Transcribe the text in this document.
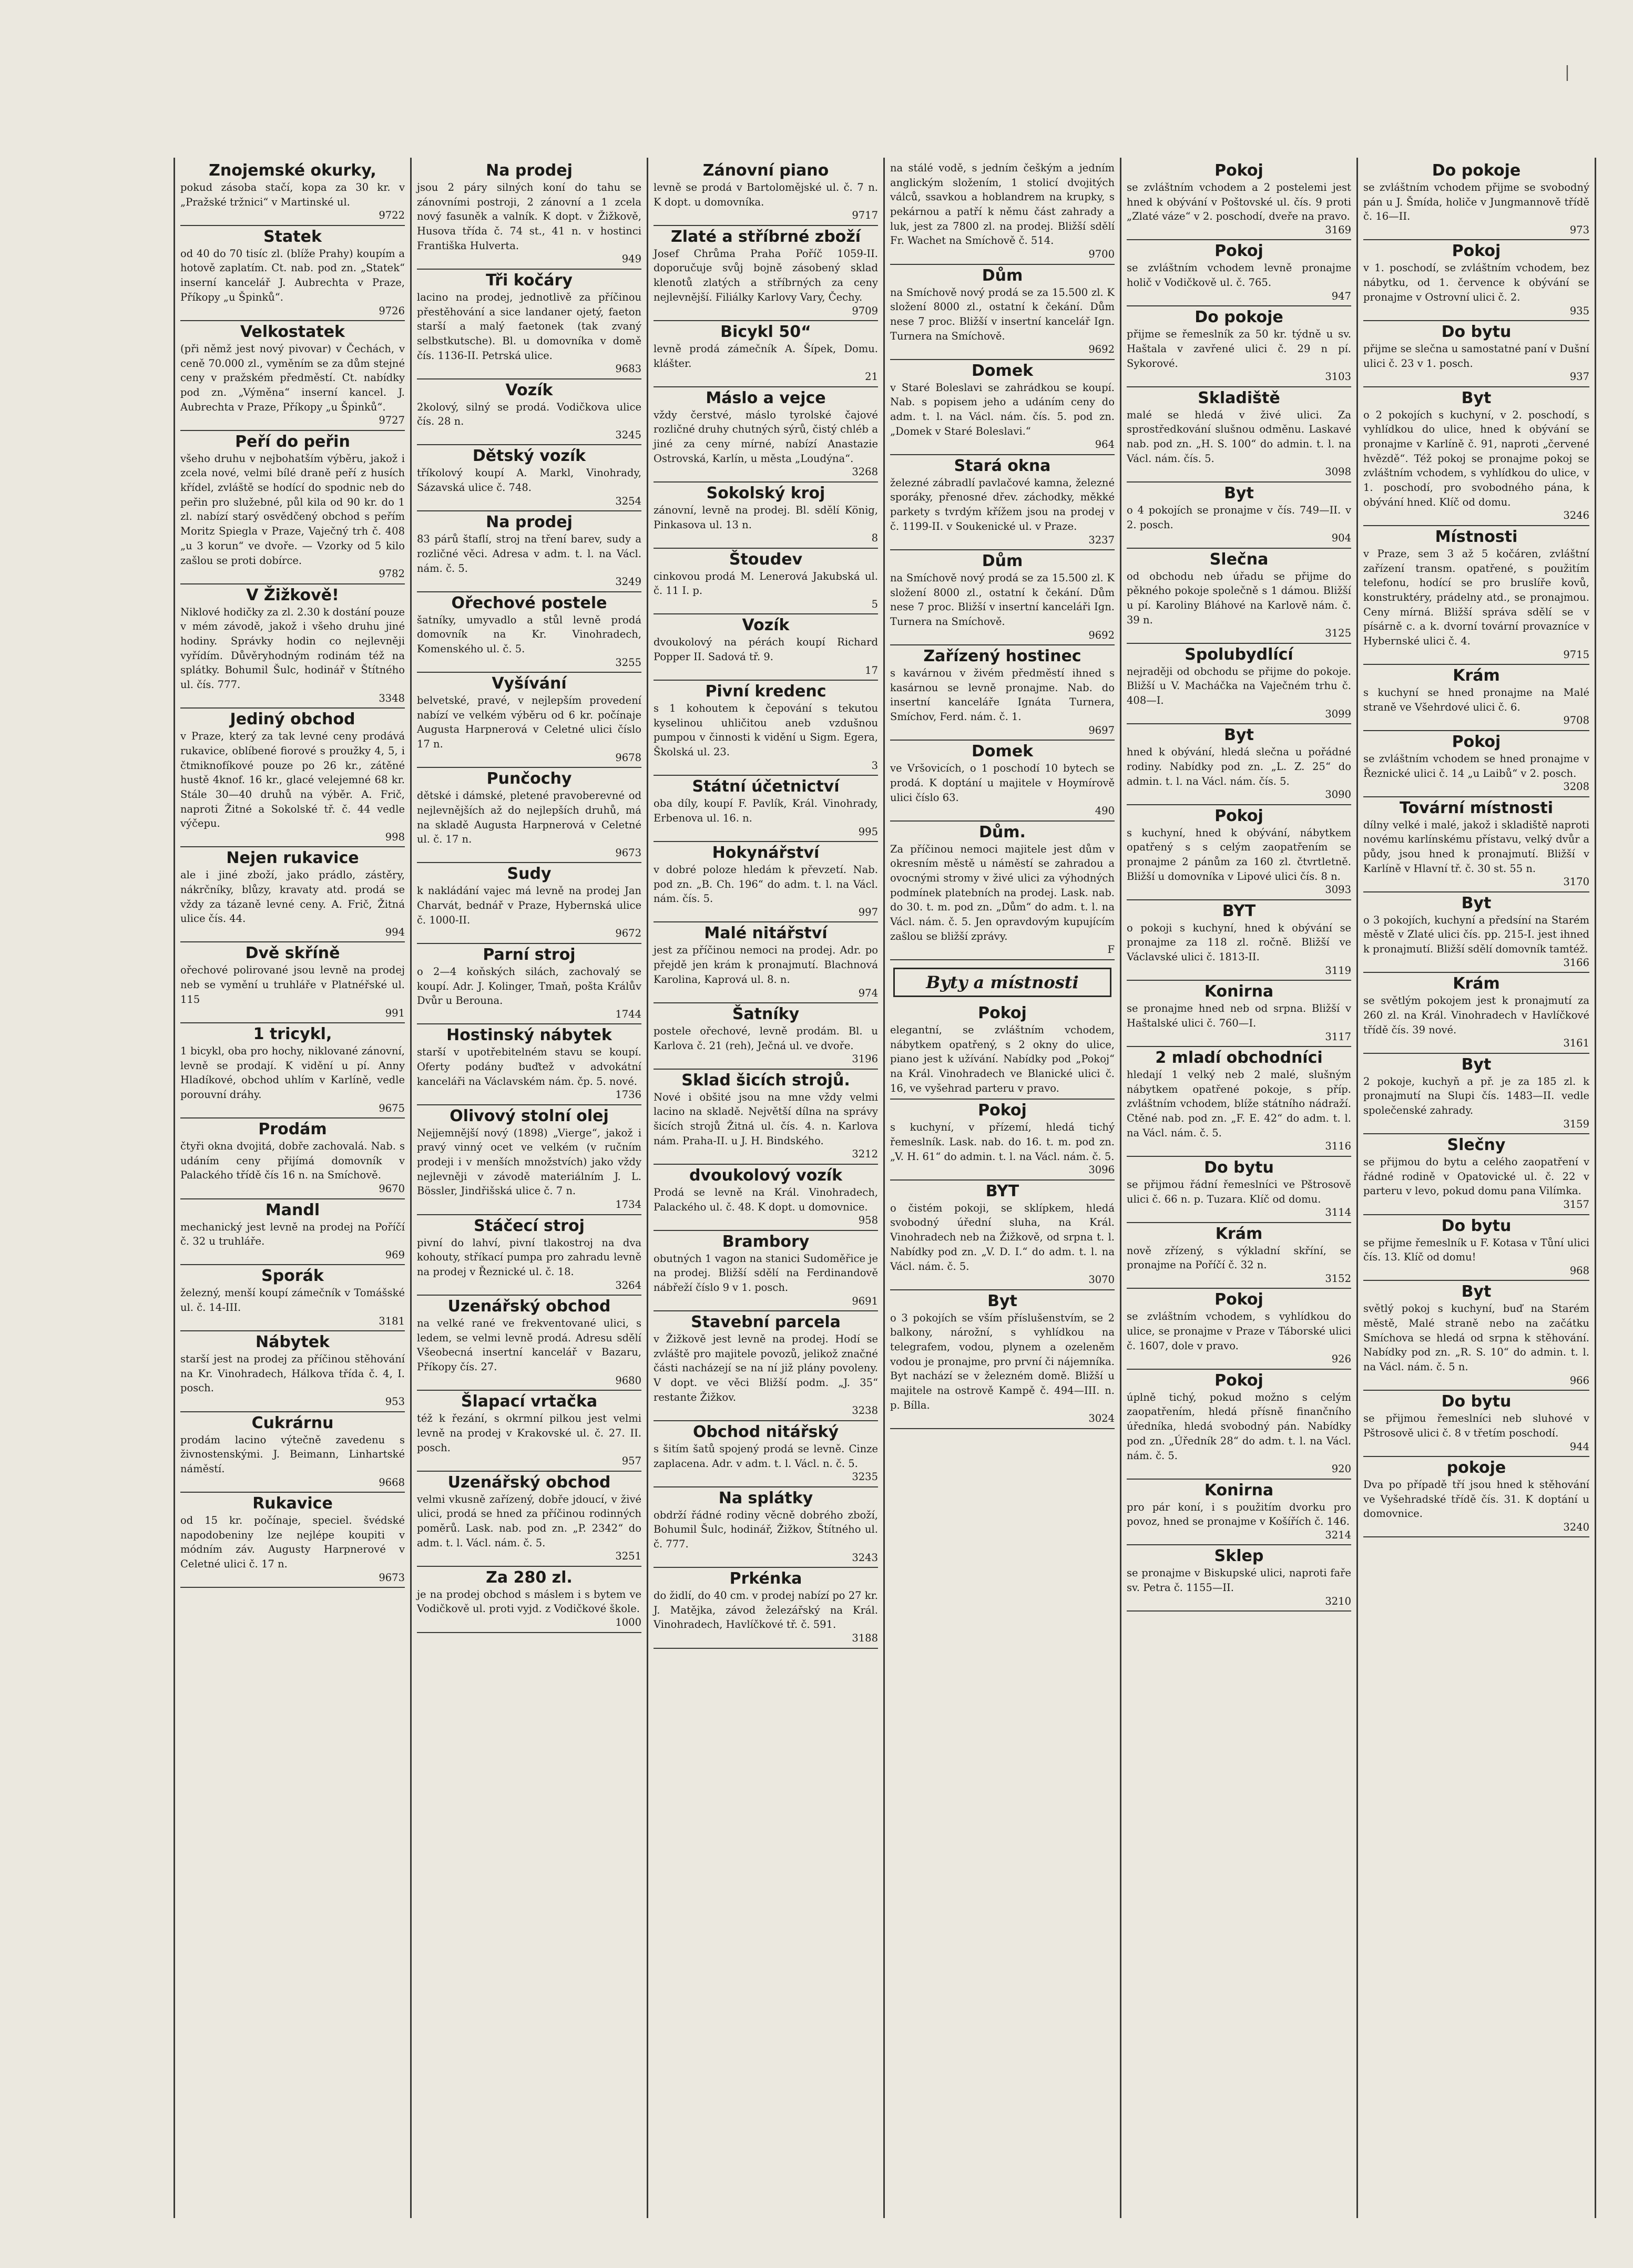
|
Znojemské okurky,
pokud zásoba stačí, kopa za 30 kr. v „Pražské tržnici“ v Martinské ul.
9722
Statek
od 40 do 70 tisíc zl. (blíže Prahy) koupím a hotově zaplatím. Ct. nab. pod zn. „Statek“ inserní kancelář J. Aubrechta v Praze, Příkopy „u Špinků“.
9726
Velkostatek
(při němž jest nový pivovar) v Čechách, v ceně 70.000 zl., vyměním se za dům stejné ceny v pražském předměstí. Ct. nabídky pod zn. „Výměna“ inserní kancel. J. Aubrechta v Praze, Příkopy „u Špinků“.
9727
Peří do peřin
všeho druhu v nejbohatším výběru, jakož i zcela nové, velmi bílé draně peří z husích křídel, zvláště se hodící do spodnic neb do peřin pro služebné, půl kila od 90 kr. do 1 zl. nabízí starý osvědčený obchod s peřím Moritz Spiegla v Praze, Vaječný trh č. 408 „u 3 korun“ ve dvoře. — Vzorky od 5 kilo zašlou se proti dobírce.
9782
V Žižkově!
Niklové hodičky za zl. 2.30 k dostání pouze v mém závodě, jakož i všeho druhu jiné hodiny. Správky hodin co nejlevněji vyřídím. Důvěryhodným rodinám též na splátky. Bohumil Šulc, hodinář v Štítného ul. čís. 777.
3348
Jediný obchod
v Praze, který za tak levné ceny prodává rukavice, oblíbené fiorové s proužky 4, 5, i čtmiknofíkové pouze po 26 kr., zátěné hustě 4knof. 16 kr., glacé velejemné 68 kr. Stále 30—40 druhů na výběr. A. Frič, naproti Žitné a Sokolské tř. č. 44 vedle výčepu.
998
Nejen rukavice
ale i jiné zboží, jako prádlo, zástěry, nákrčníky, blůzy, kravaty atd. prodá se vždy za tázaně levné ceny. A. Frič, Žitná ulice čís. 44.
994
Dvě skříně
ořechové polirované jsou levně na prodej neb se vymění u truhláře v Platnéřské ul. 115
991
1 tricykl,
1 bicykl, oba pro hochy, niklované zánovní, levně se prodají. K vidění u pí. Anny Hladíkové, obchod uhlím v Karlíně, vedle porouvní dráhy.
9675
Prodám
čtyři okna dvojitá, dobře zachovalá. Nab. s udáním ceny přijímá domovník v Palackého třídě čís 16 n. na Smíchově.
9670
Mandl
mechanický jest levně na prodej na Poříčí č. 32 u truhláře.
969
Sporák
železný, menší koupí zámečník v Tomášské ul. č. 14-III.
3181
Nábytek
starší jest na prodej za příčinou stěhování na Kr. Vinohradech, Hálkova třída č. 4, I. posch.
953
Cukrárnu
prodám lacino výtečně zavedenu s živnostenskými. J. Beimann, Linhartské náměstí.
9668
Rukavice
od 15 kr. počínaje, speciel. švédské napodobeniny lze nejlépe koupiti v módním záv. Augusty Harpnerové v Celetné ulici č. 17 n.
9673
Na prodej
jsou 2 páry silných koní do tahu se zánovními postroji, 2 zánovní a 1 zcela nový fasuněk a valník. K dopt. v Žižkově, Husova třída č. 74 st., 41 n. v hostinci Františka Hulverta.
949
Tři kočáry
lacino na prodej, jednotlivě za příčinou přestěhování a sice landaner ojetý, faeton starší a malý faetonek (tak zvaný selbstkutsche). Bl. u domovníka v domě čís. 1136-II. Petrská ulice.
9683
Vozík
2kolový, silný se prodá. Vodičkova ulice čís. 28 n.
3245
Dětský vozík
tříkolový koupí A. Markl, Vinohrady, Sázavská ulice č. 748.
3254
Na prodej
83 párů štaflí, stroj na tření barev, sudy a rozličné věci. Adresa v adm. t. l. na Václ. nám. č. 5.
3249
Ořechové postele
šatníky, umyvadlo a stůl levně prodá domovník na Kr. Vinohradech, Komenského ul. č. 5.
3255
Vyšívání
belvetské, pravé, v nejlepším provedení nabízí ve velkém výběru od 6 kr. počínaje Augusta Harpnerová v Celetné ulici číslo 17 n.
9678
Punčochy
dětské i dámské, pletené pravoberevné od nejlevnějších až do nejlepších druhů, má na skladě Augusta Harpnerová v Celetné ul. č. 17 n.
9673
Sudy
k nakládání vajec má levně na prodej Jan Charvát, bednář v Praze, Hybernská ulice č. 1000-II.
9672
Parní stroj
o 2—4 koňských silách, zachovalý se koupí. Adr. J. Kolinger, Tmaň, pošta Králův Dvůr u Berouna.
1744
Hostinský nábytek
starší v upotřebitelném stavu se koupí. Oferty podány buďtež v advokátní kanceláři na Václavském nám. čp. 5. nové.
1736
Olivový stolní olej
Nejjemnější nový (1898) „Vierge“, jakož i pravý vinný ocet ve velkém (v ručním prodeji i v menších množstvích) jako vždy nejlevněji v závodě materiálním J. L. Bössler, Jindřišská ulice č. 7 n.
1734
Stáčecí stroj
pivní do lahví, pivní tlakostroj na dva kohouty, stříkací pumpa pro zahradu levně na prodej v Řeznické ul. č. 18.
3264
Uzenářský obchod
na velké rané ve frekventované ulici, s ledem, se velmi levně prodá. Adresu sdělí Všeobecná insertní kancelář v Bazaru, Příkopy čís. 27.
9680
Šlapací vrtačka
též k řezání, s okrmní pilkou jest velmi levně na prodej v Krakovské ul. č. 27. II. posch.
957
Uzenářský obchod
velmi vkusně zařízený, dobře jdoucí, v živé ulici, prodá se hned za příčinou rodinných poměrů. Lask. nab. pod zn. „P. 2342“ do adm. t. l. Václ. nám. č. 5.
3251
Za 280 zl.
je na prodej obchod s máslem i s bytem ve Vodičkově ul. proti vyjd. z Vodičkové škole.
1000
Zánovní piano
levně se prodá v Bartolomějské ul. č. 7 n. K dopt. u domovníka.
9717
Zlaté a stříbrné zboží
Josef Chrůma Praha Poříč 1059-II. doporučuje svůj bojně zásobený sklad klenotů zlatých a stříbrných za ceny nejlevnější. Filiálky Karlovy Vary, Čechy.
9709
Bicykl 50“
levně prodá zámečník A. Šípek, Domu. klášter.
21
Máslo a vejce
vždy čerstvé, máslo tyrolské čajové rozličné druhy chutných sýrů, čistý chléb a jiné za ceny mírné, nabízí Anastazie Ostrovská, Karlín, u města „Loudýna“.
3268
Sokolský kroj
zánovní, levně na prodej. Bl. sdělí König, Pinkasova ul. 13 n.
8
Štoudev
cinkovou prodá M. Lenerová Jakubská ul. č. 11 I. p.
5
Vozík
dvoukolový na pérách koupí Richard Popper II. Sadová tř. 9.
17
Pivní kredenc
s 1 kohoutem k čepování s tekutou kyselinou uhličitou aneb vzdušnou pumpou v činnosti k vidění u Sigm. Egera, Školská ul. 23.
3
Státní účetnictví
oba díly, koupí F. Pavlík, Král. Vinohrady, Erbenova ul. 16. n.
995
Hokynářství
v dobré poloze hledám k převzetí. Nab. pod zn. „B. Ch. 196“ do adm. t. l. na Václ. nám. čís. 5.
997
Malé nitářství
jest za příčinou nemoci na prodej. Adr. po přejdě jen krám k pronajmutí. Blachnová Karolina, Kaprová ul. 8. n.
974
Šatníky
postele ořechové, levně prodám. Bl. u Karlova č. 21 (reh), Ječná ul. ve dvoře.
3196
Sklad šicích strojů.
Nové i obšité jsou na mne vždy velmi lacino na skladě. Největší dílna na správy šicích strojů Žitná ul. čís. 4. n. Karlova nám. Praha-II. u J. H. Bindského.
3212
dvoukolový vozík
Prodá se levně na Král. Vinohradech, Palackého ul. č. 48. K dopt. u domovnice.
958
Brambory
obutných 1 vagon na stanici Sudoměřice je na prodej. Bližší sdělí na Ferdinandově nábřeží číslo 9 v 1. posch.
9691
Stavební parcela
v Žižkově jest levně na prodej. Hodí se zvláště pro majitele povozů, jelikož značné části nacházejí se na ní již plány povoleny. V dopt. ve věci Bližší podm. „J. 35“ restante Žižkov.
3238
Obchod nitářský
s šitím šatů spojený prodá se levně. Cinze zaplacena. Adr. v adm. t. l. Václ. n. č. 5.
3235
Na splátky
obdrží řádné rodiny věcně dobrého zboží, Bohumil Šulc, hodinář, Žižkov, Štítného ul. č. 777.
3243
Prkénka
do židlí, do 40 cm. v prodej nabízí po 27 kr. J. Matějka, závod železářský na Král. Vinohradech, Havlíčkové tř. č. 591.
3188
na stálé vodě, s jedním češkým a jedním anglickým složením, 1 stolicí dvojitých válců, ssavkou a hoblandrem na krupky, s pekárnou a patří k němu část zahrady a luk, jest za 7800 zl. na prodej. Bližší sdělí Fr. Wachet na Smíchově č. 514.
9700
Dům
na Smíchově nový prodá se za 15.500 zl. K složení 8000 zl., ostatní k čekání. Dům nese 7 proc. Bližší v insertní kancelář Ign. Turnera na Smíchově.
9692
Domek
v Staré Boleslavi se zahrádkou se koupí. Nab. s popisem jeho a udáním ceny do adm. t. l. na Václ. nám. čís. 5. pod zn. „Domek v Staré Boleslavi.“
964
Stará okna
železné zábradlí pavlačové kamna, železné sporáky, přenosné dřev. záchodky, měkké parkety s tvrdým křížem jsou na prodej v č. 1199-II. v Soukenické ul. v Praze.
3237
Dům
na Smíchově nový prodá se za 15.500 zl. K složení 8000 zl., ostatní k čekání. Dům nese 7 proc. Bližší v insertní kanceláři Ign. Turnera na Smíchově.
9692
Zařízený hostinec
s kavárnou v živém předměstí ihned s kasárnou se levně pronajme. Nab. do insertní kanceláře Ignáta Turnera, Smíchov, Ferd. nám. č. 1.
9697
Domek
ve Vršovicích, o 1 poschodí 10 bytech se prodá. K doptání u majitele v Hoymírově ulici číslo 63.
490
Dům.
Za příčinou nemoci majitele jest dům v okresním městě u náměstí se zahradou a ovocnými stromy v živé ulici za výhodných podmínek platebních na prodej. Lask. nab. do 30. t. m. pod zn. „Dům“ do adm. t. l. na Václ. nám. č. 5. Jen opravdovým kupujícím zašlou se bližší zprávy.
F
Byty a místnosti
Pokoj
elegantní, se zvláštním vchodem, nábytkem opatřený, s 2 okny do ulice, piano jest k užívání. Nabídky pod „Pokoj“ na Král. Vinohradech ve Blanické ulici č. 16, ve vyšehrad parteru v pravo.
Pokoj
s kuchyní, v přízemí, hledá tichý řemeslník. Lask. nab. do 16. t. m. pod zn. „V. H. 61“ do admin. t. l. na Václ. nám. č. 5.
3096
BYT
o čistém pokoji, se sklípkem, hledá svobodný úřední sluha, na Král. Vinohradech neb na Žižkově, od srpna t. l. Nabídky pod zn. „V. D. I.“ do adm. t. l. na Václ. nám. č. 5.
3070
Byt
o 3 pokojích se vším příslušenstvím, se 2 balkony, nárožní, s vyhlídkou na telegrafem, vodou, plynem a ozeleněm vodou je pronajme, pro první či nájemníka. Byt nachází se v železném domě. Bližší u majitele na ostrově Kampě č. 494—III. n. p. Bílla.
3024
Pokoj
se zvláštním vchodem a 2 postelemi jest hned k obývání v Poštovské ul. čís. 9 proti „Zlaté váze“ v 2. poschodí, dveře na pravo.
3169
Pokoj
se zvláštním vchodem levně pronajme holič v Vodičkově ul. č. 765.
947
Do pokoje
přijme se řemeslník za 50 kr. týdně u sv. Haštala v zavřené ulici č. 29 n pí. Sykorové.
3103
Skladiště
malé se hledá v živé ulici. Za sprostředkování slušnou odměnu. Laskavé nab. pod zn. „H. S. 100“ do admin. t. l. na Václ. nám. čís. 5.
3098
Byt
o 4 pokojích se pronajme v čís. 749—II. v 2. posch.
904
Slečna
od obchodu neb úřadu se přijme do pěkného pokoje společně s 1 dámou. Bližší u pí. Karoliny Bláhové na Karlově nám. č. 39 n.
3125
Spolubydlící
nejraději od obchodu se přijme do pokoje. Bližší u V. Macháčka na Vaječném trhu č. 408—I.
3099
Byt
hned k obývání, hledá slečna u pořádné rodiny. Nabídky pod zn. „L. Z. 25“ do admin. t. l. na Václ. nám. čís. 5.
3090
Pokoj
s kuchyní, hned k obývání, nábytkem opatřený s s celým zaopatřením se pronajme 2 pánům za 160 zl. čtvrtletně. Bližší u domovníka v Lipové ulici čís. 8 n.
3093
BYT
o pokoji s kuchyní, hned k obývání se pronajme za 118 zl. ročně. Bližší ve Václavské ulici č. 1813-II.
3119
Konirna
se pronajme hned neb od srpna. Bližší v Haštalské ulici č. 760—I.
3117
2 mladí obchodníci
hledají 1 velký neb 2 malé, slušným nábytkem opatřené pokoje, s příp. zvláštním vchodem, blíže státního nádraží. Ctěné nab. pod zn. „F. E. 42“ do adm. t. l. na Václ. nám. č. 5.
3116
Do bytu
se přijmou řádní řemeslníci ve Pštrosově ulici č. 66 n. p. Tuzara. Klíč od domu.
3114
Krám
nově zřízený, s výkladní skříní, se pronajme na Poříčí č. 32 n.
3152
Pokoj
se zvláštním vchodem, s vyhlídkou do ulice, se pronajme v Praze v Táborské ulici č. 1607, dole v pravo.
926
Pokoj
úplně tichý, pokud možno s celým zaopatřením, hledá přísně finančního úředníka, hledá svobodný pán. Nabídky pod zn. „Úředník 28“ do adm. t. l. na Václ. nám. č. 5.
920
Konirna
pro pár koní, i s použitím dvorku pro povoz, hned se pronajme v Košířích č. 146.
3214
Sklep
se pronajme v Biskupské ulici, naproti faře sv. Petra č. 1155—II.
3210
Do pokoje
se zvláštním vchodem přijme se svobodný pán u J. Šmída, holiče v Jungmannově třídě č. 16—II.
973
Pokoj
v 1. poschodí, se zvláštním vchodem, bez nábytku, od 1. července k obývání se pronajme v Ostrovní ulici č. 2.
935
Do bytu
přijme se slečna u samostatné paní v Dušní ulici č. 23 v 1. posch.
937
Byt
o 2 pokojích s kuchyní, v 2. poschodí, s vyhlídkou do ulice, hned k obývání se pronajme v Karlíně č. 91, naproti „červené hvězdě“. Též pokoj se pronajme pokoj se zvláštním vchodem, s vyhlídkou do ulice, v 1. poschodí, pro svobodného pána, k obývání hned. Klíč od domu.
3246
Místnosti
v Praze, sem 3 až 5 kočáren, zvláštní zařízení transm. opatřené, s použitím telefonu, hodící se pro bruslíře kovů, konstruktéry, prádelny atd., se pronajmou. Ceny mírná. Bližší správa sdělí se v písárně c. a k. dvorní tovární provazníce v Hybernské ulici č. 4.
9715
Krám
s kuchyní se hned pronajme na Malé straně ve Všehrdové ulici č. 6.
9708
Pokoj
se zvláštním vchodem se hned pronajme v Řeznické ulici č. 14 „u Laibů“ v 2. posch.
3208
Tovární místnosti
dílny velké i malé, jakož i skladiště naproti novému karlínskému přístavu, velký dvůr a půdy, jsou hned k pronajmutí. Bližší v Karlíně v Hlavní tř. č. 30 st. 55 n.
3170
Byt
o 3 pokojích, kuchyní a předsíní na Starém městě v Zlaté ulici čís. pp. 215-I. jest ihned k pronajmutí. Bližší sdělí domovník tamtéž.
3166
Krám
se světlým pokojem jest k pronajmutí za 260 zl. na Král. Vinohradech v Havlíčkové třídě čís. 39 nové.
3161
Byt
2 pokoje, kuchyň a př. je za 185 zl. k pronajmutí na Slupi čís. 1483—II. vedle společenské zahrady.
3159
Slečny
se přijmou do bytu a celého zaopatření v řádné rodině v Opatovické ul. č. 22 v parteru v levo, pokud domu pana Vilímka.
3157
Do bytu
se přijme řemeslník u F. Kotasa v Tůní ulici čís. 13. Klíč od domu!
968
Byt
světlý pokoj s kuchyní, buď na Starém městě, Malé straně nebo na začátku Smíchova se hledá od srpna k stěhování. Nabídky pod zn. „R. S. 10“ do admin. t. l. na Václ. nám. č. 5 n.
966
Do bytu
se přijmou řemeslníci neb sluhové v Pštrosově ulici č. 8 v třetím poschodí.
944
pokoje
Dva po případě tří jsou hned k stěhování ve Vyšehradské třídě čís. 31. K doptání u domovnice.
3240
